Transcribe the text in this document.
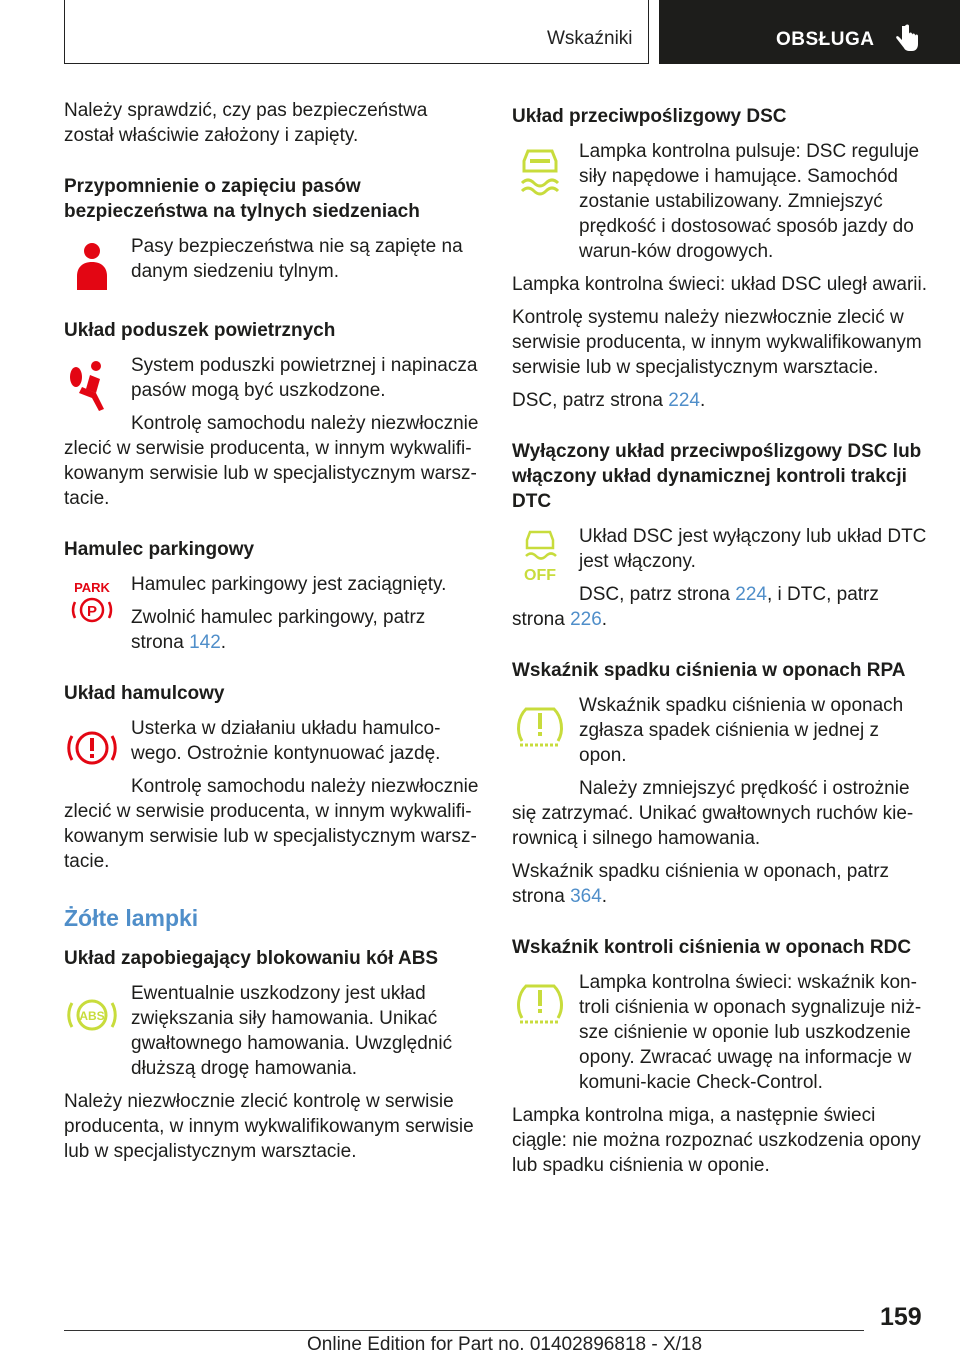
Wskaźniki	OBSŁUGA

Należy sprawdzić, czy pas bezpieczeństwa został właściwie założony i zapięty.

Przypomnienie o zapięciu pasów bezpieczeństwa na tylnych siedzeniach

Pasy bezpieczeństwa nie są zapięte na danym siedzeniu tylnym.

Układ poduszek powietrznych

System poduszki powietrznej i napinacza pasów mogą być uszkodzone.

Kontrolę samochodu należy niezwłocznie zlecić w serwisie producenta, w innym wykwalifi-kowanym serwisie lub w specjalistycznym warsz-tacie.

Hamulec parkingowy
PARK
P

Hamulec parkingowy jest zaciągnięty.

Zwolnić hamulec parkingowy, patrz strona 142.

Układ hamulcowy

Usterka w działaniu układu hamulco-wego. Ostrożnie kontynuować jazdę.

Kontrolę samochodu należy niezwłocznie zlecić w serwisie producenta, w innym wykwalifi-kowanym serwisie lub w specjalistycznym warsz-tacie.

Żółte lampki
Układ zapobiegający blokowaniu kół ABS
ABS

Ewentualnie uszkodzony jest układ zwiększania siły hamowania. Unikać gwałtownego hamowania. Uwzględnić dłuższą drogę hamowania.

Należy niezwłocznie zlecić kontrolę w serwisie producenta, w innym wykwalifikowanym serwisie lub w specjalistycznym warsztacie.

Układ przeciwpoślizgowy DSC

Lampka kontrolna pulsuje: DSC reguluje siły napędowe i hamujące. Samochód zostanie ustabilizowany. Zmniejszyć prędkość i dostosować sposób jazdy do warun-ków drogowych.

Lampka kontrolna świeci: układ DSC uległ awarii.

Kontrolę systemu należy niezwłocznie zlecić w serwisie producenta, w innym wykwalifikowanym serwisie lub w specjalistycznym warsztacie.

DSC, patrz strona 224.

Wyłączony układ przeciwpoślizgowy DSC lub włączony układ dynamicznej kontroli trakcji DTC
OFF

Układ DSC jest wyłączony lub układ DTC jest włączony.

DSC, patrz strona 224, i DTC, patrz strona 226.

Wskaźnik spadku ciśnienia w oponach RPA

Wskaźnik spadku ciśnienia w oponach zgłasza spadek ciśnienia w jednej z opon.

Należy zmniejszyć prędkość i ostrożnie się zatrzymać. Unikać gwałtownych ruchów kie-rownicą i silnego hamowania.

Wskaźnik spadku ciśnienia w oponach, patrz strona 364.

Wskaźnik kontroli ciśnienia w oponach RDC

Lampka kontrolna świeci: wskaźnik kon-troli ciśnienia w oponach sygnalizuje niż-sze ciśnienie w oponie lub uszkodzenie opony. Zwracać uwagę na informacje w komuni-kacie Check-Control.

Lampka kontrolna miga, a następnie świeci ciągle: nie można rozpoznać uszkodzenia opony lub spadku ciśnienia w oponie.

159
Online Edition for Part no. 01402896818 - X/18
